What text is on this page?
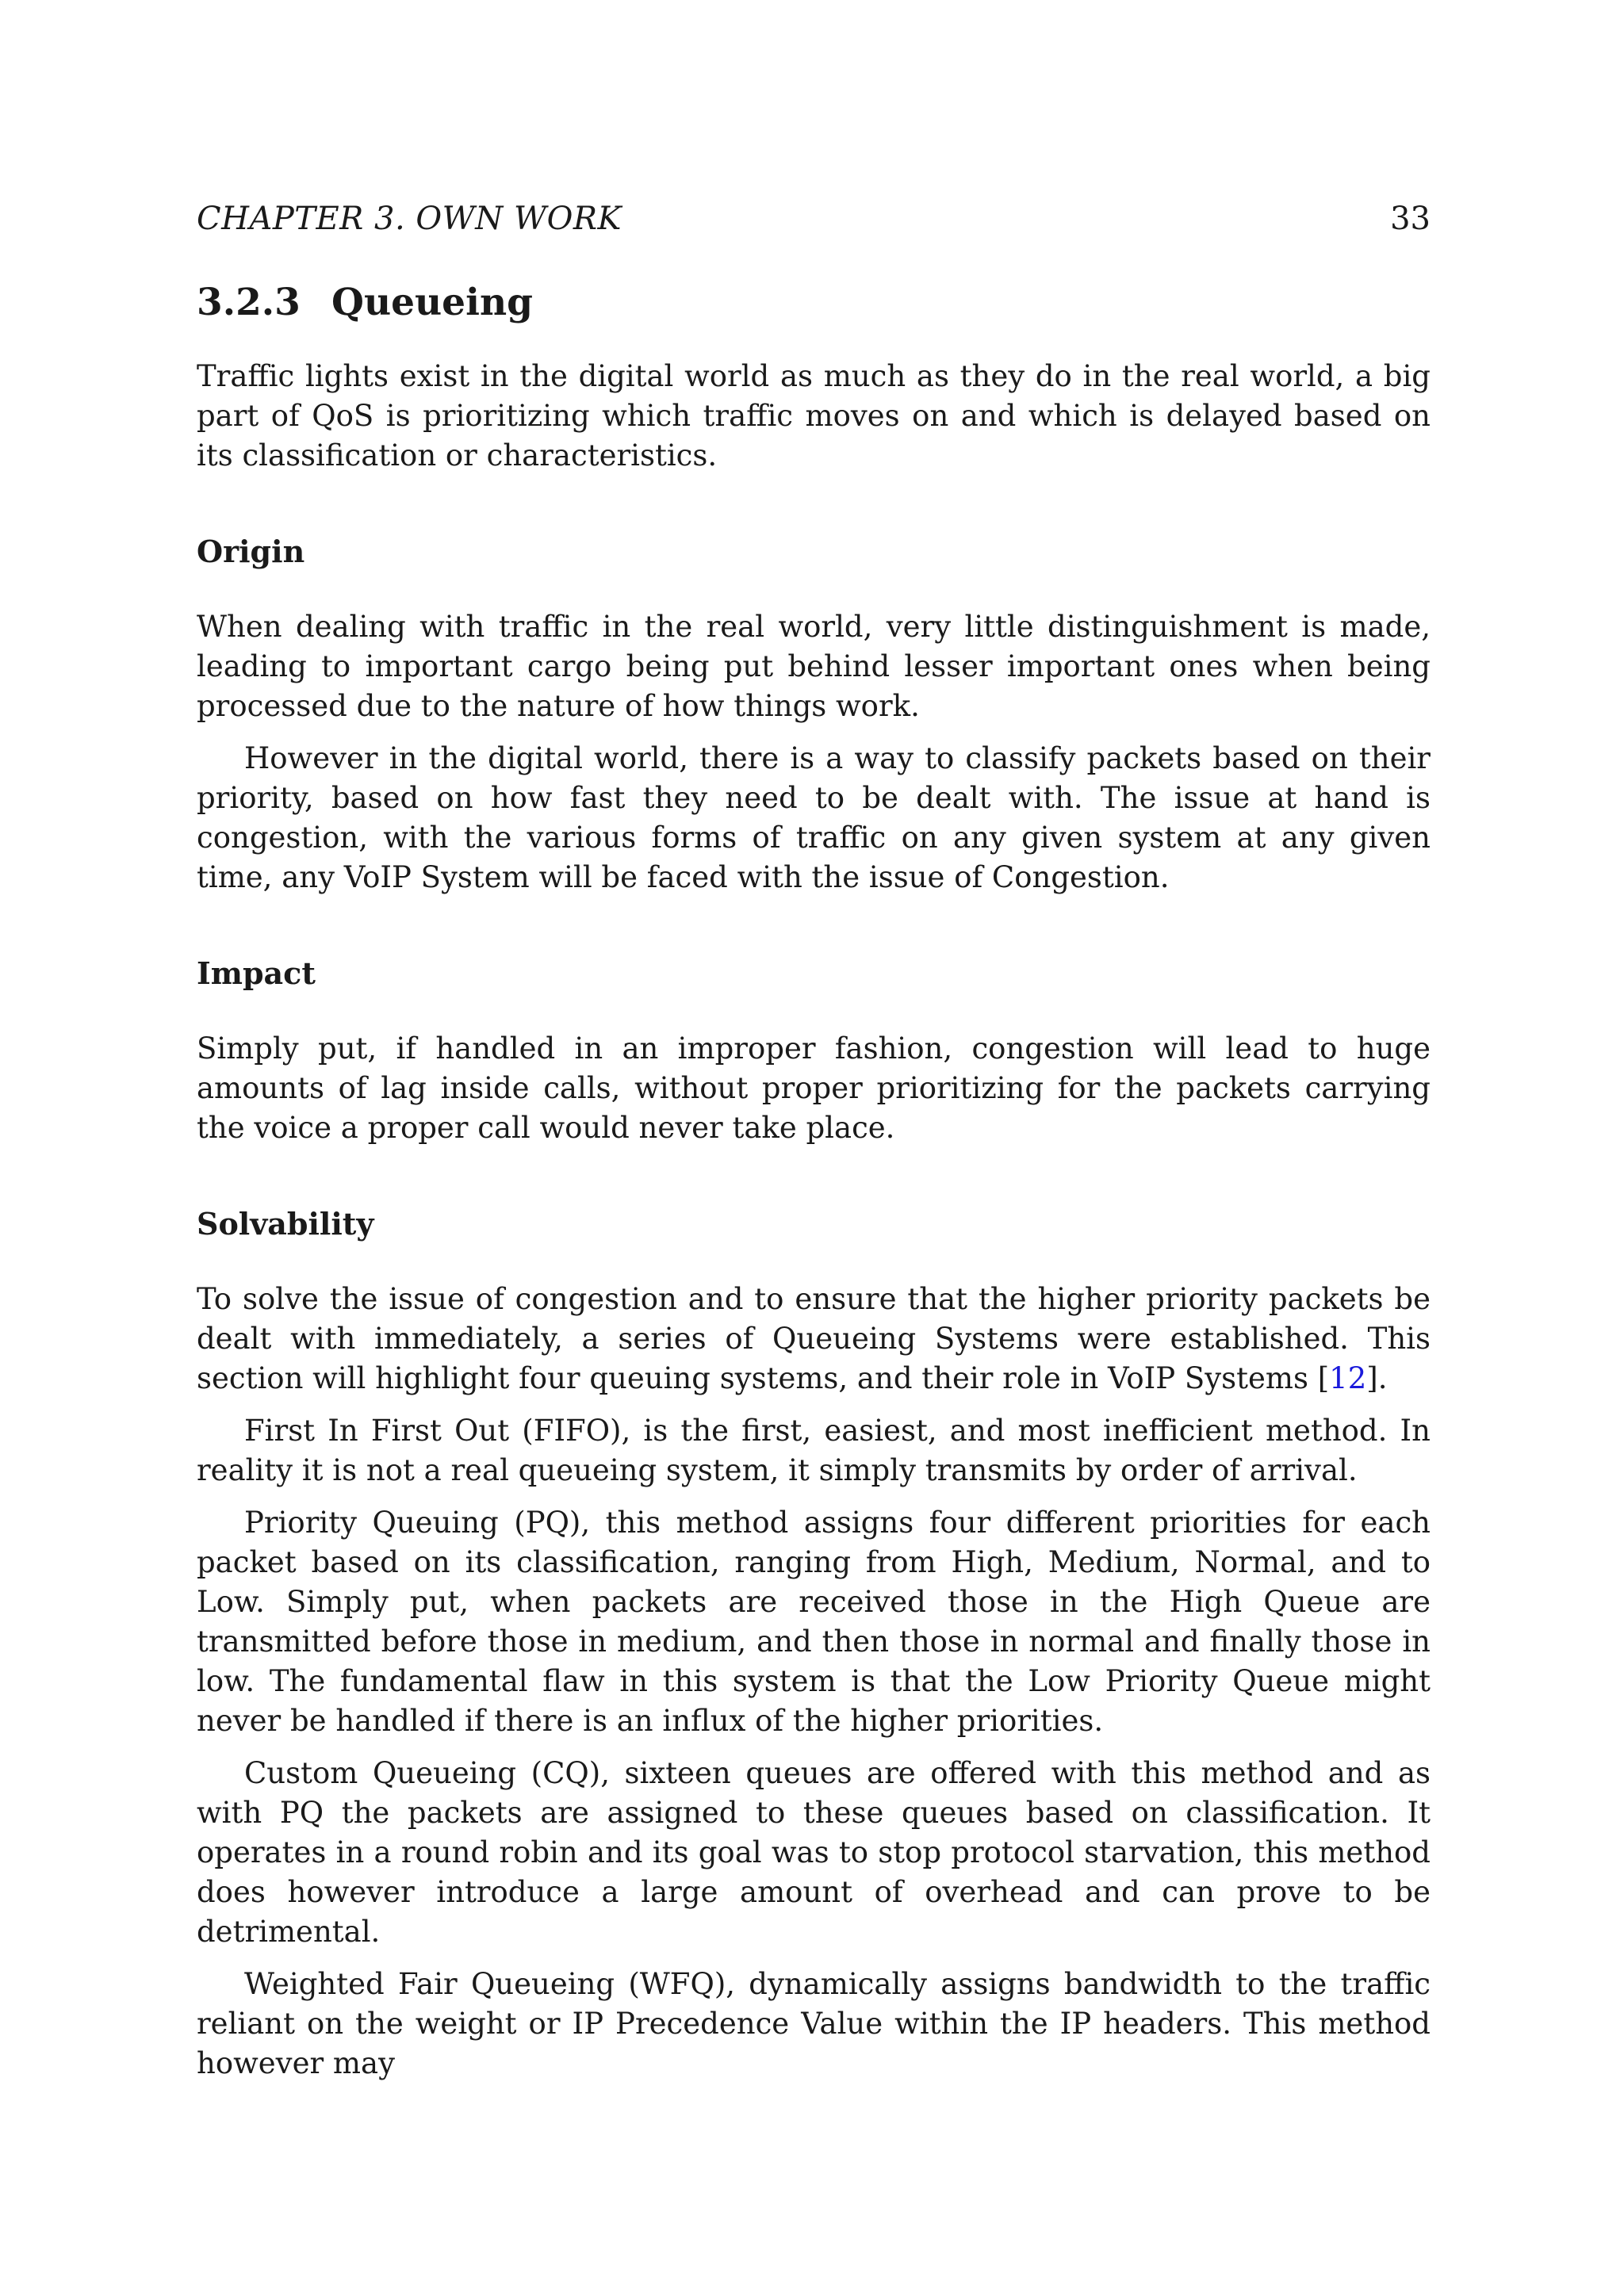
CHAPTER 3. OWN WORK	33
3.2.3 Queueing

Traffic lights exist in the digital world as much as they do in the real world, a big part of QoS is prioritizing which traffic moves on and which is delayed based on its classification or characteristics.

Origin

When dealing with traffic in the real world, very little distinguishment is made, leading to important cargo being put behind lesser important ones when being processed due to the nature of how things work.

However in the digital world, there is a way to classify packets based on their priority, based on how fast they need to be dealt with. The issue at hand is congestion, with the various forms of traffic on any given system at any given time, any VoIP System will be faced with the issue of Congestion.

Impact

Simply put, if handled in an improper fashion, congestion will lead to huge amounts of lag inside calls, without proper prioritizing for the packets carrying the voice a proper call would never take place.

Solvability

To solve the issue of congestion and to ensure that the higher priority packets be dealt with immediately, a series of Queueing Systems were established. This section will highlight four queuing systems, and their role in VoIP Systems [12].

First In First Out (FIFO), is the first, easiest, and most inefficient method. In reality it is not a real queueing system, it simply transmits by order of arrival.

Priority Queuing (PQ), this method assigns four different priorities for each packet based on its classification, ranging from High, Medium, Normal, and to Low. Simply put, when packets are received those in the High Queue are transmitted before those in medium, and then those in normal and finally those in low. The fundamental flaw in this system is that the Low Priority Queue might never be handled if there is an influx of the higher priorities.

Custom Queueing (CQ), sixteen queues are offered with this method and as with PQ the packets are assigned to these queues based on classification. It operates in a round robin and its goal was to stop protocol starvation, this method does however introduce a large amount of overhead and can prove to be detrimental.

Weighted Fair Queueing (WFQ), dynamically assigns bandwidth to the traffic reliant on the weight or IP Precedence Value within the IP headers. This method however may
